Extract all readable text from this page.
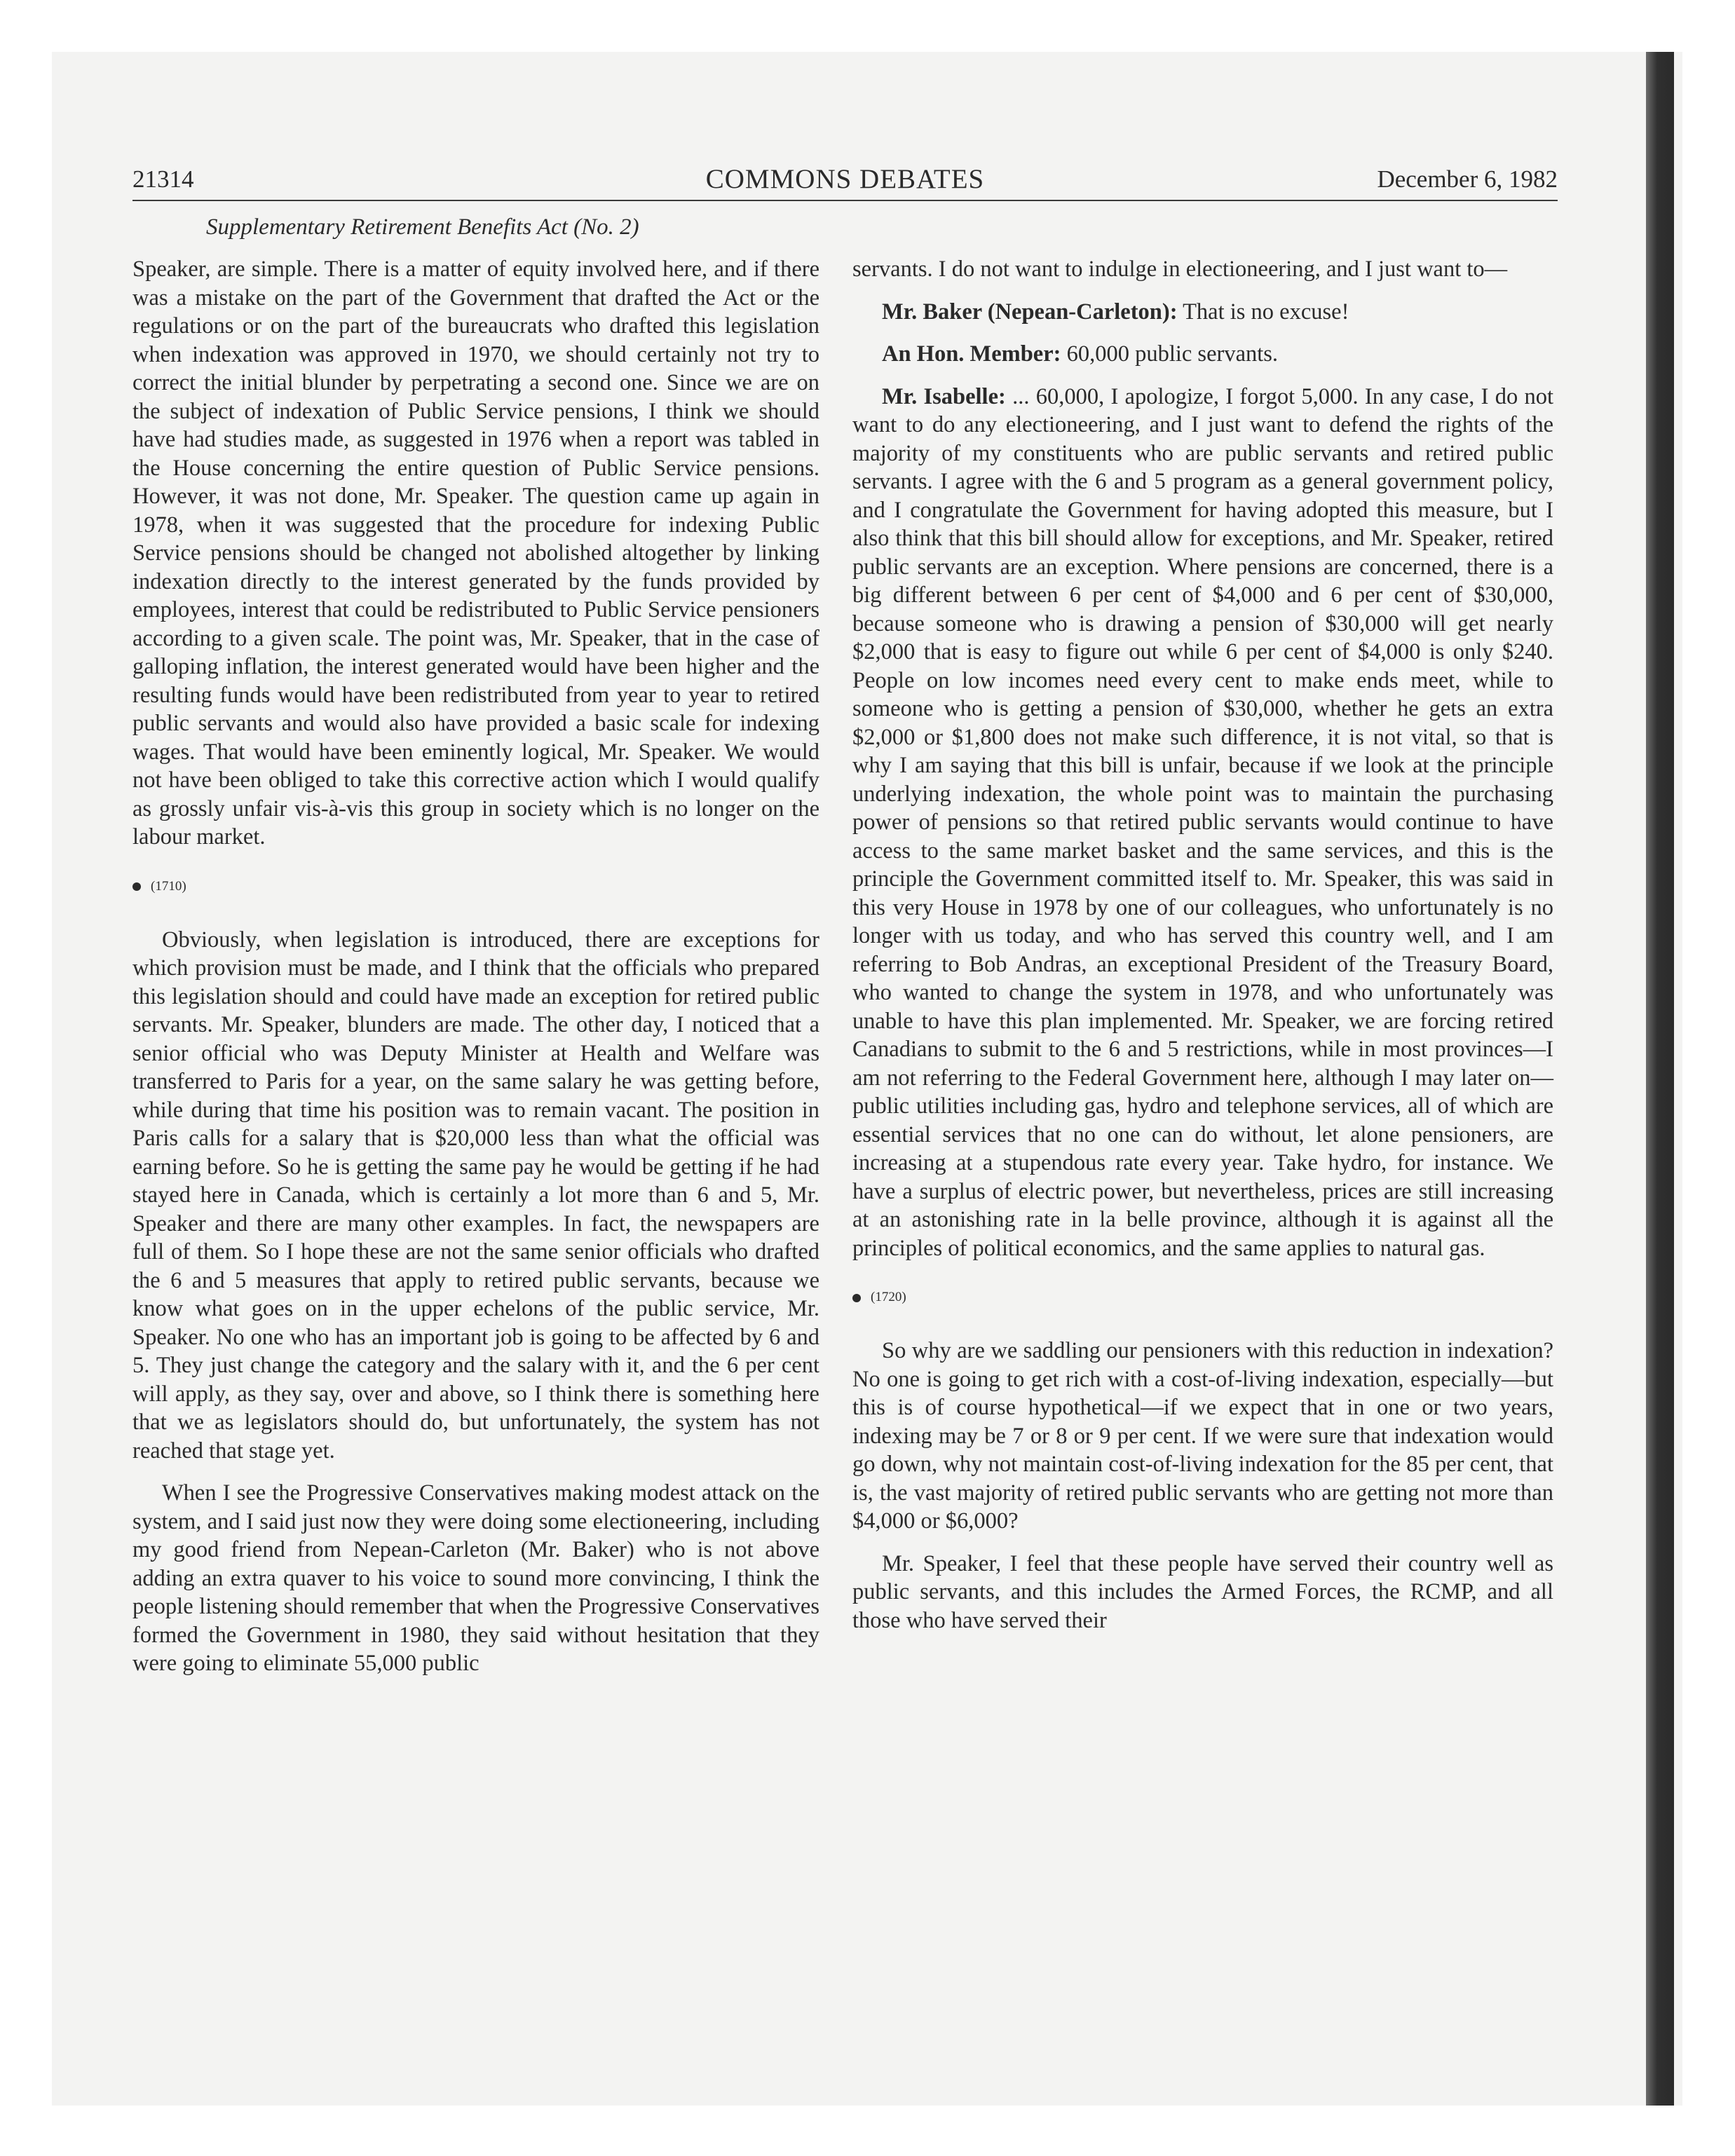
21314	COMMONS DEBATES	December 6, 1982
Supplementary Retirement Benefits Act (No. 2)

Speaker, are simple. There is a matter of equity involved here, and if there was a mistake on the part of the Government that drafted the Act or the regulations or on the part of the bureaucrats who drafted this legislation when indexation was approved in 1970, we should certainly not try to correct the initial blunder by perpetrating a second one. Since we are on the subject of indexation of Public Service pensions, I think we should have had studies made, as suggested in 1976 when a report was tabled in the House concerning the entire question of Public Service pensions. However, it was not done, Mr. Speaker. The question came up again in 1978, when it was suggested that the procedure for indexing Public Service pensions should be changed not abolished altogether by linking indexation directly to the interest generated by the funds provided by employees, interest that could be redistributed to Public Service pensioners according to a given scale. The point was, Mr. Speaker, that in the case of galloping inflation, the interest generated would have been higher and the resulting funds would have been redistributed from year to year to retired public servants and would also have provided a basic scale for indexing wages. That would have been eminently logical, Mr. Speaker. We would not have been obliged to take this corrective action which I would qualify as grossly unfair vis-à-vis this group in society which is no longer on the labour market.

(1710)

Obviously, when legislation is introduced, there are exceptions for which provision must be made, and I think that the officials who prepared this legislation should and could have made an exception for retired public servants. Mr. Speaker, blunders are made. The other day, I noticed that a senior official who was Deputy Minister at Health and Welfare was transferred to Paris for a year, on the same salary he was getting before, while during that time his position was to remain vacant. The position in Paris calls for a salary that is $20,000 less than what the official was earning before. So he is getting the same pay he would be getting if he had stayed here in Canada, which is certainly a lot more than 6 and 5, Mr. Speaker and there are many other examples. In fact, the newspapers are full of them. So I hope these are not the same senior officials who drafted the 6 and 5 measures that apply to retired public servants, because we know what goes on in the upper echelons of the public service, Mr. Speaker. No one who has an important job is going to be affected by 6 and 5. They just change the category and the salary with it, and the 6 per cent will apply, as they say, over and above, so I think there is something here that we as legislators should do, but unfortunately, the system has not reached that stage yet.

When I see the Progressive Conservatives making modest attack on the system, and I said just now they were doing some electioneering, including my good friend from Nepean-Carleton (Mr. Baker) who is not above adding an extra quaver to his voice to sound more convincing, I think the people listening should remember that when the Progressive Conservatives formed the Government in 1980, they said without hesitation that they were going to eliminate 55,000 public

servants. I do not want to indulge in electioneering, and I just want to—

Mr. Baker (Nepean-Carleton): That is no excuse!

An Hon. Member: 60,000 public servants.

Mr. Isabelle: ... 60,000, I apologize, I forgot 5,000. In any case, I do not want to do any electioneering, and I just want to defend the rights of the majority of my constituents who are public servants and retired public servants. I agree with the 6 and 5 program as a general government policy, and I congratulate the Government for having adopted this measure, but I also think that this bill should allow for exceptions, and Mr. Speaker, retired public servants are an exception. Where pensions are concerned, there is a big different between 6 per cent of $4,000 and 6 per cent of $30,000, because someone who is drawing a pension of $30,000 will get nearly $2,000 that is easy to figure out while 6 per cent of $4,000 is only $240. People on low incomes need every cent to make ends meet, while to someone who is getting a pension of $30,000, whether he gets an extra $2,000 or $1,800 does not make such difference, it is not vital, so that is why I am saying that this bill is unfair, because if we look at the principle underlying indexation, the whole point was to maintain the purchasing power of pensions so that retired public servants would continue to have access to the same market basket and the same services, and this is the principle the Government committed itself to. Mr. Speaker, this was said in this very House in 1978 by one of our colleagues, who unfortunately is no longer with us today, and who has served this country well, and I am referring to Bob Andras, an exceptional President of the Treasury Board, who wanted to change the system in 1978, and who unfortunately was unable to have this plan implemented. Mr. Speaker, we are forcing retired Canadians to submit to the 6 and 5 restrictions, while in most provinces—I am not referring to the Federal Government here, although I may later on—public utilities including gas, hydro and telephone services, all of which are essential services that no one can do without, let alone pensioners, are increasing at a stupendous rate every year. Take hydro, for instance. We have a surplus of electric power, but nevertheless, prices are still increasing at an astonishing rate in la belle province, although it is against all the principles of political economics, and the same applies to natural gas.

(1720)

So why are we saddling our pensioners with this reduction in indexation? No one is going to get rich with a cost-of-living indexation, especially—but this is of course hypothetical—if we expect that in one or two years, indexing may be 7 or 8 or 9 per cent. If we were sure that indexation would go down, why not maintain cost-of-living indexation for the 85 per cent, that is, the vast majority of retired public servants who are getting not more than $4,000 or $6,000?

Mr. Speaker, I feel that these people have served their country well as public servants, and this includes the Armed Forces, the RCMP, and all those who have served their
